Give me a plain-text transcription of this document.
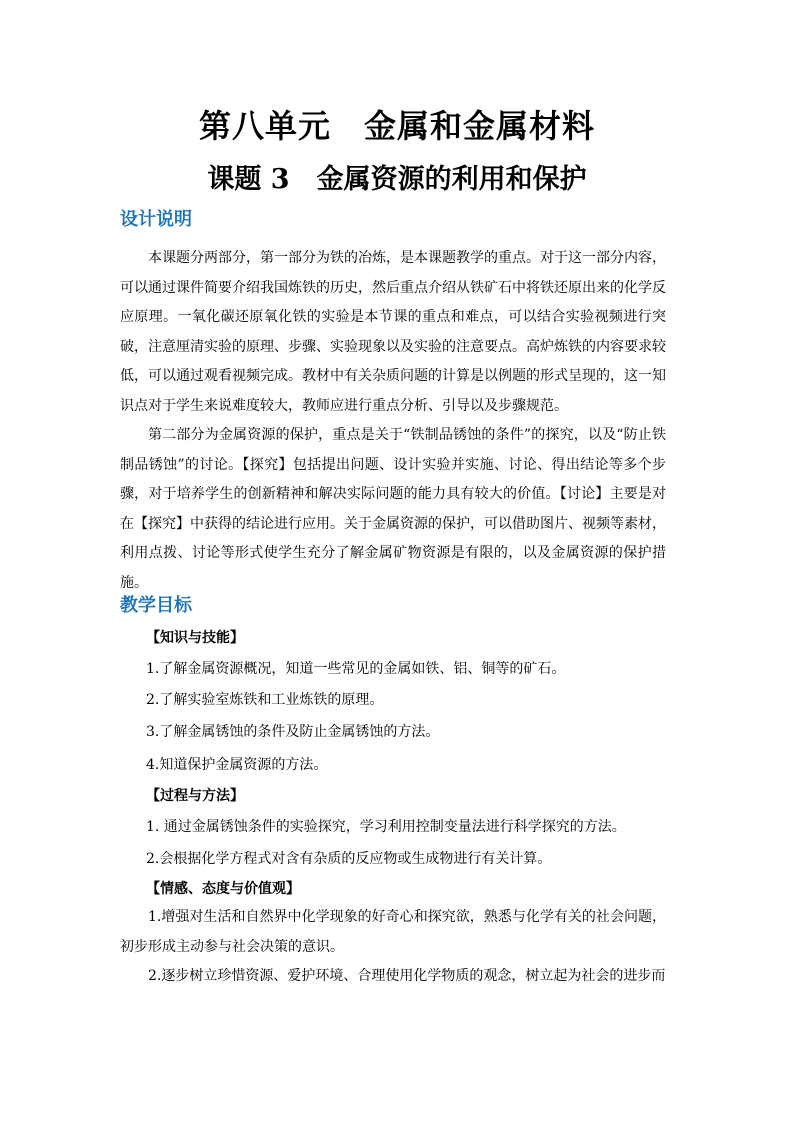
第八单元　金属和金属材料
课题 3　金属资源的利用和保护
设计说明

本课题分两部分，第一部分为铁的冶炼，是本课题教学的重点。对于这一部分内容，可以通过课件简要介绍我国炼铁的历史，然后重点介绍从铁矿石中将铁还原出来的化学反应原理。一氧化碳还原氧化铁的实验是本节课的重点和难点，可以结合实验视频进行突破，注意厘清实验的原理、步骤、实验现象以及实验的注意要点。高炉炼铁的内容要求较低，可以通过观看视频完成。教材中有关杂质问题的计算是以例题的形式呈现的，这一知识点对于学生来说难度较大，教师应进行重点分析、引导以及步骤规范。

第二部分为金属资源的保护，重点是关于“铁制品锈蚀的条件”的探究，以及“防止铁制品锈蚀”的讨论。【探究】包括提出问题、设计实验并实施、讨论、得出结论等多个步骤，对于培养学生的创新精神和解决实际问题的能力具有较大的价值。【讨论】主要是对在【探究】中获得的结论进行应用。关于金属资源的保护，可以借助图片、视频等素材，利用点拨、讨论等形式使学生充分了解金属矿物资源是有限的，以及金属资源的保护措施。

教学目标
【知识与技能】
1.了解金属资源概况，知道一些常见的金属如铁、铝、铜等的矿石。
2.了解实验室炼铁和工业炼铁的原理。
3.了解金属锈蚀的条件及防止金属锈蚀的方法。
4.知道保护金属资源的方法。
【过程与方法】
1. 通过金属锈蚀条件的实验探究，学习利用控制变量法进行科学探究的方法。
2.会根据化学方程式对含有杂质的反应物或生成物进行有关计算。
【情感、态度与价值观】

1.增强对生活和自然界中化学现象的好奇心和探究欲，熟悉与化学有关的社会问题，初步形成主动参与社会决策的意识。

2.逐步树立珍惜资源、爱护环境、合理使用化学物质的观念，树立起为社会的进步而
